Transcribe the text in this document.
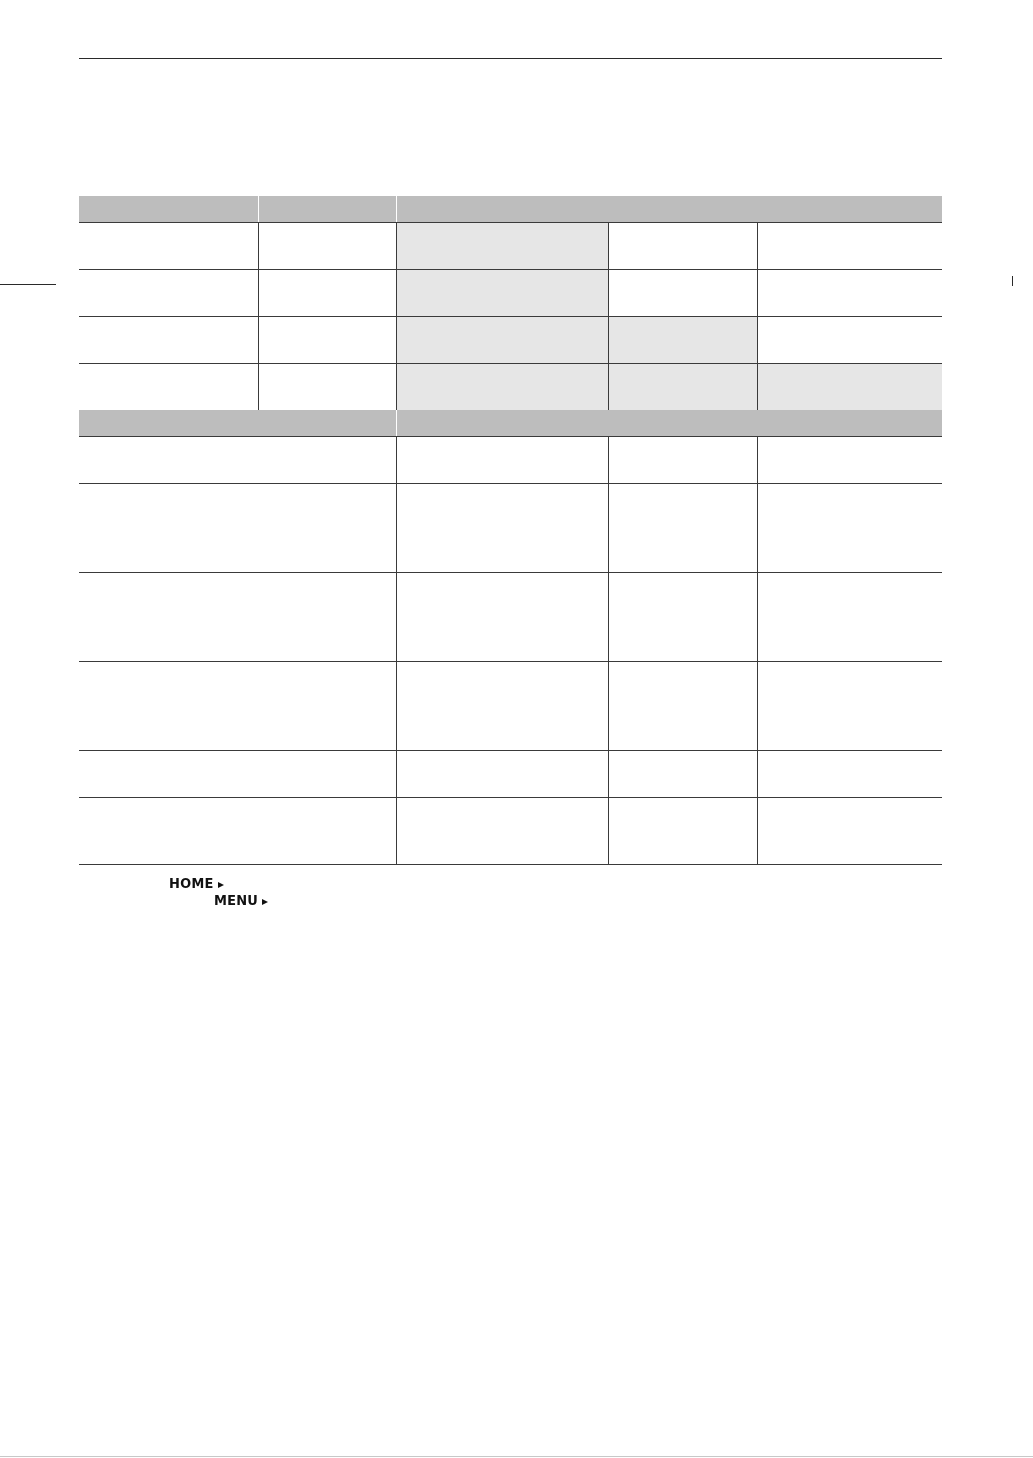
HOME
MENU
